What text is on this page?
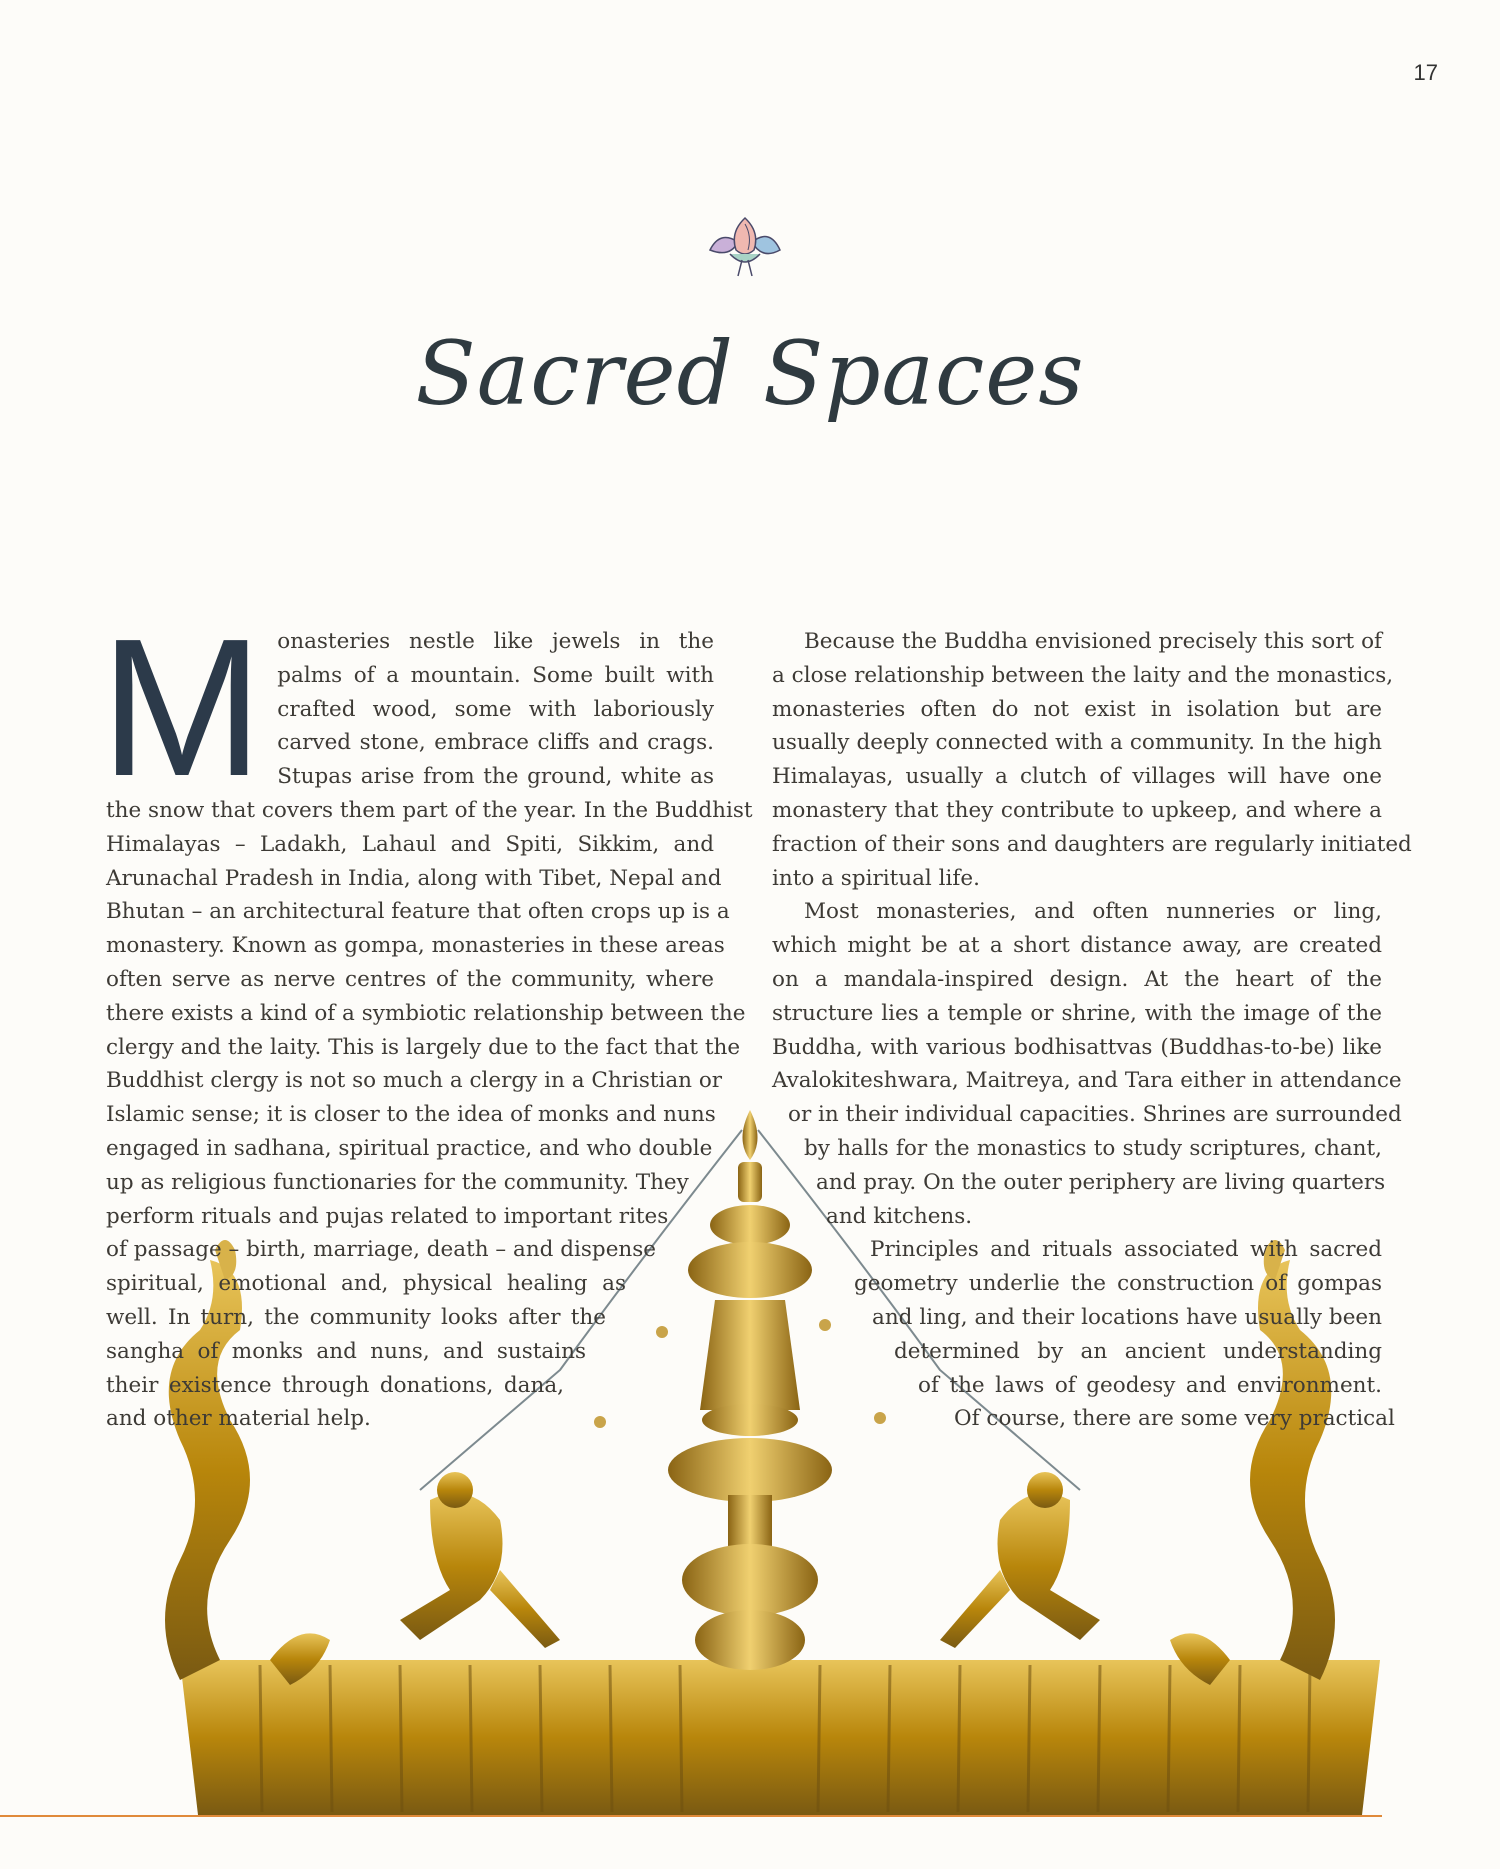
17
Sacred Spaces
M onasteries nestle like jewels in the
palms of a mountain. Some built with
crafted wood, some with laboriously
carved stone, embrace cliffs and crags.
Stupas arise from the ground, white as
the snow that covers them part of the year. In the Buddhist
Himalayas – Ladakh, Lahaul and Spiti, Sikkim, and
Arunachal Pradesh in India, along with Tibet, Nepal and
Bhutan – an architectural feature that often crops up is a
monastery. Known as gompa, monasteries in these areas
often serve as nerve centres of the community, where
there exists a kind of a symbiotic relationship between the
clergy and the laity. This is largely due to the fact that the
Buddhist clergy is not so much a clergy in a Christian or
Islamic sense; it is closer to the idea of monks and nuns
engaged in sadhana, spiritual practice, and who double
up as religious functionaries for the community. They
perform rituals and pujas related to important rites
of passage – birth, marriage, death – and dispense
spiritual, emotional and, physical healing as
well. In turn, the community looks after the
sangha of monks and nuns, and sustains
their existence through donations, dana,
and other material help.
Because the Buddha envisioned precisely this sort of
a close relationship between the laity and the monastics,
monasteries often do not exist in isolation but are
usually deeply connected with a community. In the high
Himalayas, usually a clutch of villages will have one
monastery that they contribute to upkeep, and where a
fraction of their sons and daughters are regularly initiated
into a spiritual life.
Most monasteries, and often nunneries or ling,
which might be at a short distance away, are created
on a mandala-inspired design. At the heart of the
structure lies a temple or shrine, with the image of the
Buddha, with various bodhisattvas (Buddhas-to-be) like
Avalokiteshwara, Maitreya, and Tara either in attendance
or in their individual capacities. Shrines are surrounded
by halls for the monastics to study scriptures, chant,
and pray. On the outer periphery are living quarters
and kitchens.
Principles and rituals associated with sacred
geometry underlie the construction of gompas
and ling, and their locations have usually been
determined by an ancient understanding
of the laws of geodesy and environment.
Of course, there are some very practical
